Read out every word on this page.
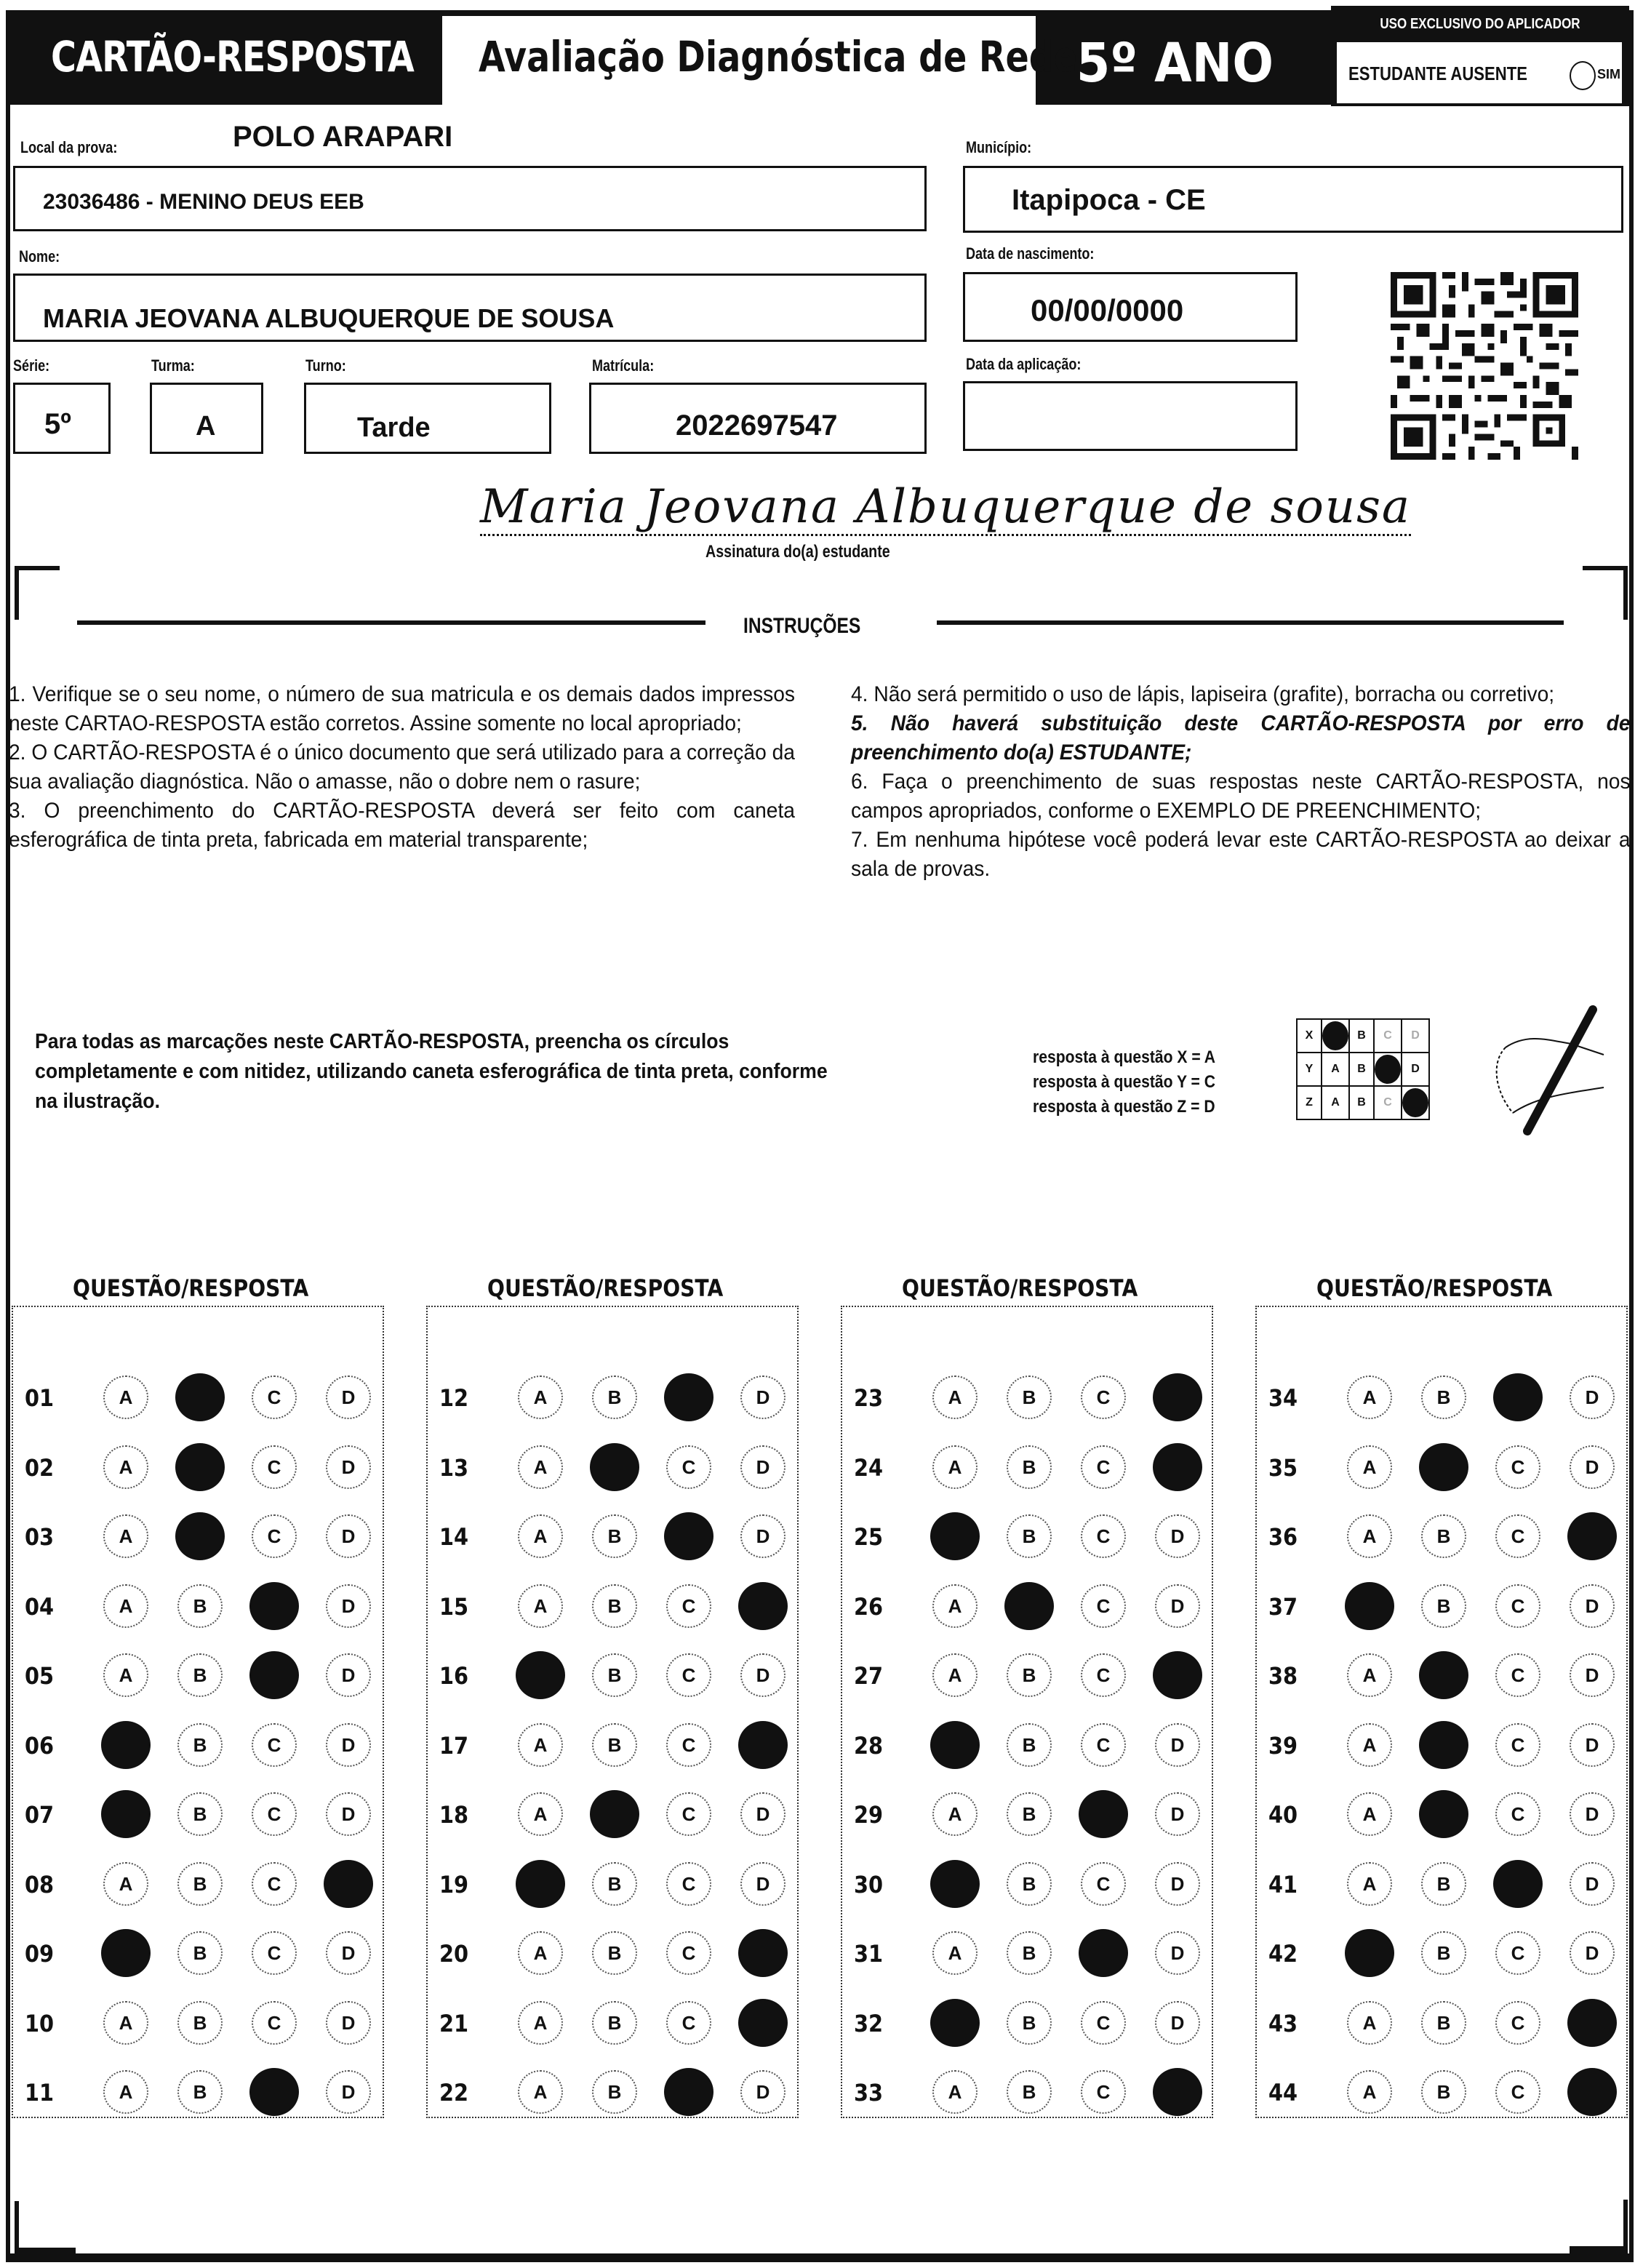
CARTÃO-RESPOSTA	5º ANO
Avaliação Diagnóstica de Rede
USO EXCLUSIVO DO APLICADOR
ESTUDANTE AUSENTE	SIM
Local da prova:	POLO ARAPARI
23036486 - MENINO DEUS EEB
Município:
Itapipoca - CE
Nome:
MARIA JEOVANA ALBUQUERQUE DE SOUSA
Data de nascimento:
00/00/0000
Série:
5º
Turma:
A
Turno:
Tarde
Matrícula:
2022697547
Data da aplicação:
Maria Jeovana Albuquerque de sousa
Assinatura do(a) estudante
INSTRUÇÕES

1. Verifique se o seu nome, o número de sua matricula e os demais dados impressos neste CARTAO-RESPOSTA estão corretos. Assine somente no local apropriado;

2. O CARTÃO-RESPOSTA é o único documento que será utilizado para a correção da sua avaliação diagnóstica. Não o amasse, não o dobre nem o rasure;

3. O preenchimento do CARTÃO-RESPOSTA deverá ser feito com caneta esferográfica de tinta preta, fabricada em material transparente;

4. Não será permitido o uso de lápis, lapiseira (grafite), borracha ou corretivo;

5. Não haverá substituição deste CARTÃO-RESPOSTA por erro de preenchimento do(a) ESTUDANTE;

6. Faça o preenchimento de suas respostas neste CARTÃO-RESPOSTA, nos campos apropriados, conforme o EXEMPLO DE PREENCHIMENTO;

7. Em nenhuma hipótese você poderá levar este CARTÃO-RESPOSTA ao deixar a sala de provas.

Para todas as marcações neste CARTÃO-RESPOSTA, preencha os círculos completamente e com nitidez, utilizando caneta esferográfica de tinta preta, conforme na ilustração.
resposta à questão X = A
resposta à questão Y = C
resposta à questão Z = D
X		B	C	D
Y	A	B		D
Z	A	B	C	
QUESTÃO/RESPOSTA	QUESTÃO/RESPOSTA	QUESTÃO/RESPOSTA	QUESTÃO/RESPOSTA
01	A	C	D
02	A	C	D
03	A	C	D
04	A	B	D
05	A	B	D
06	B	C	D
07	B	C	D
08	A	B	C
09	B	C	D
10	A	B	C	D
11	A	B	D
12	A	B	D
13	A	C	D
14	A	B	D
15	A	B	C
16	B	C	D
17	A	B	C
18	A	C	D
19	B	C	D
20	A	B	C
21	A	B	C
22	A	B	D
23	A	B	C
24	A	B	C
25	B	C	D
26	A	C	D
27	A	B	C
28	B	C	D
29	A	B	D
30	B	C	D
31	A	B	D
32	B	C	D
33	A	B	C
34	A	B	D
35	A	C	D
36	A	B	C
37	B	C	D
38	A	C	D
39	A	C	D
40	A	C	D
41	A	B	D
42	B	C	D
43	A	B	C
44	A	B	C
